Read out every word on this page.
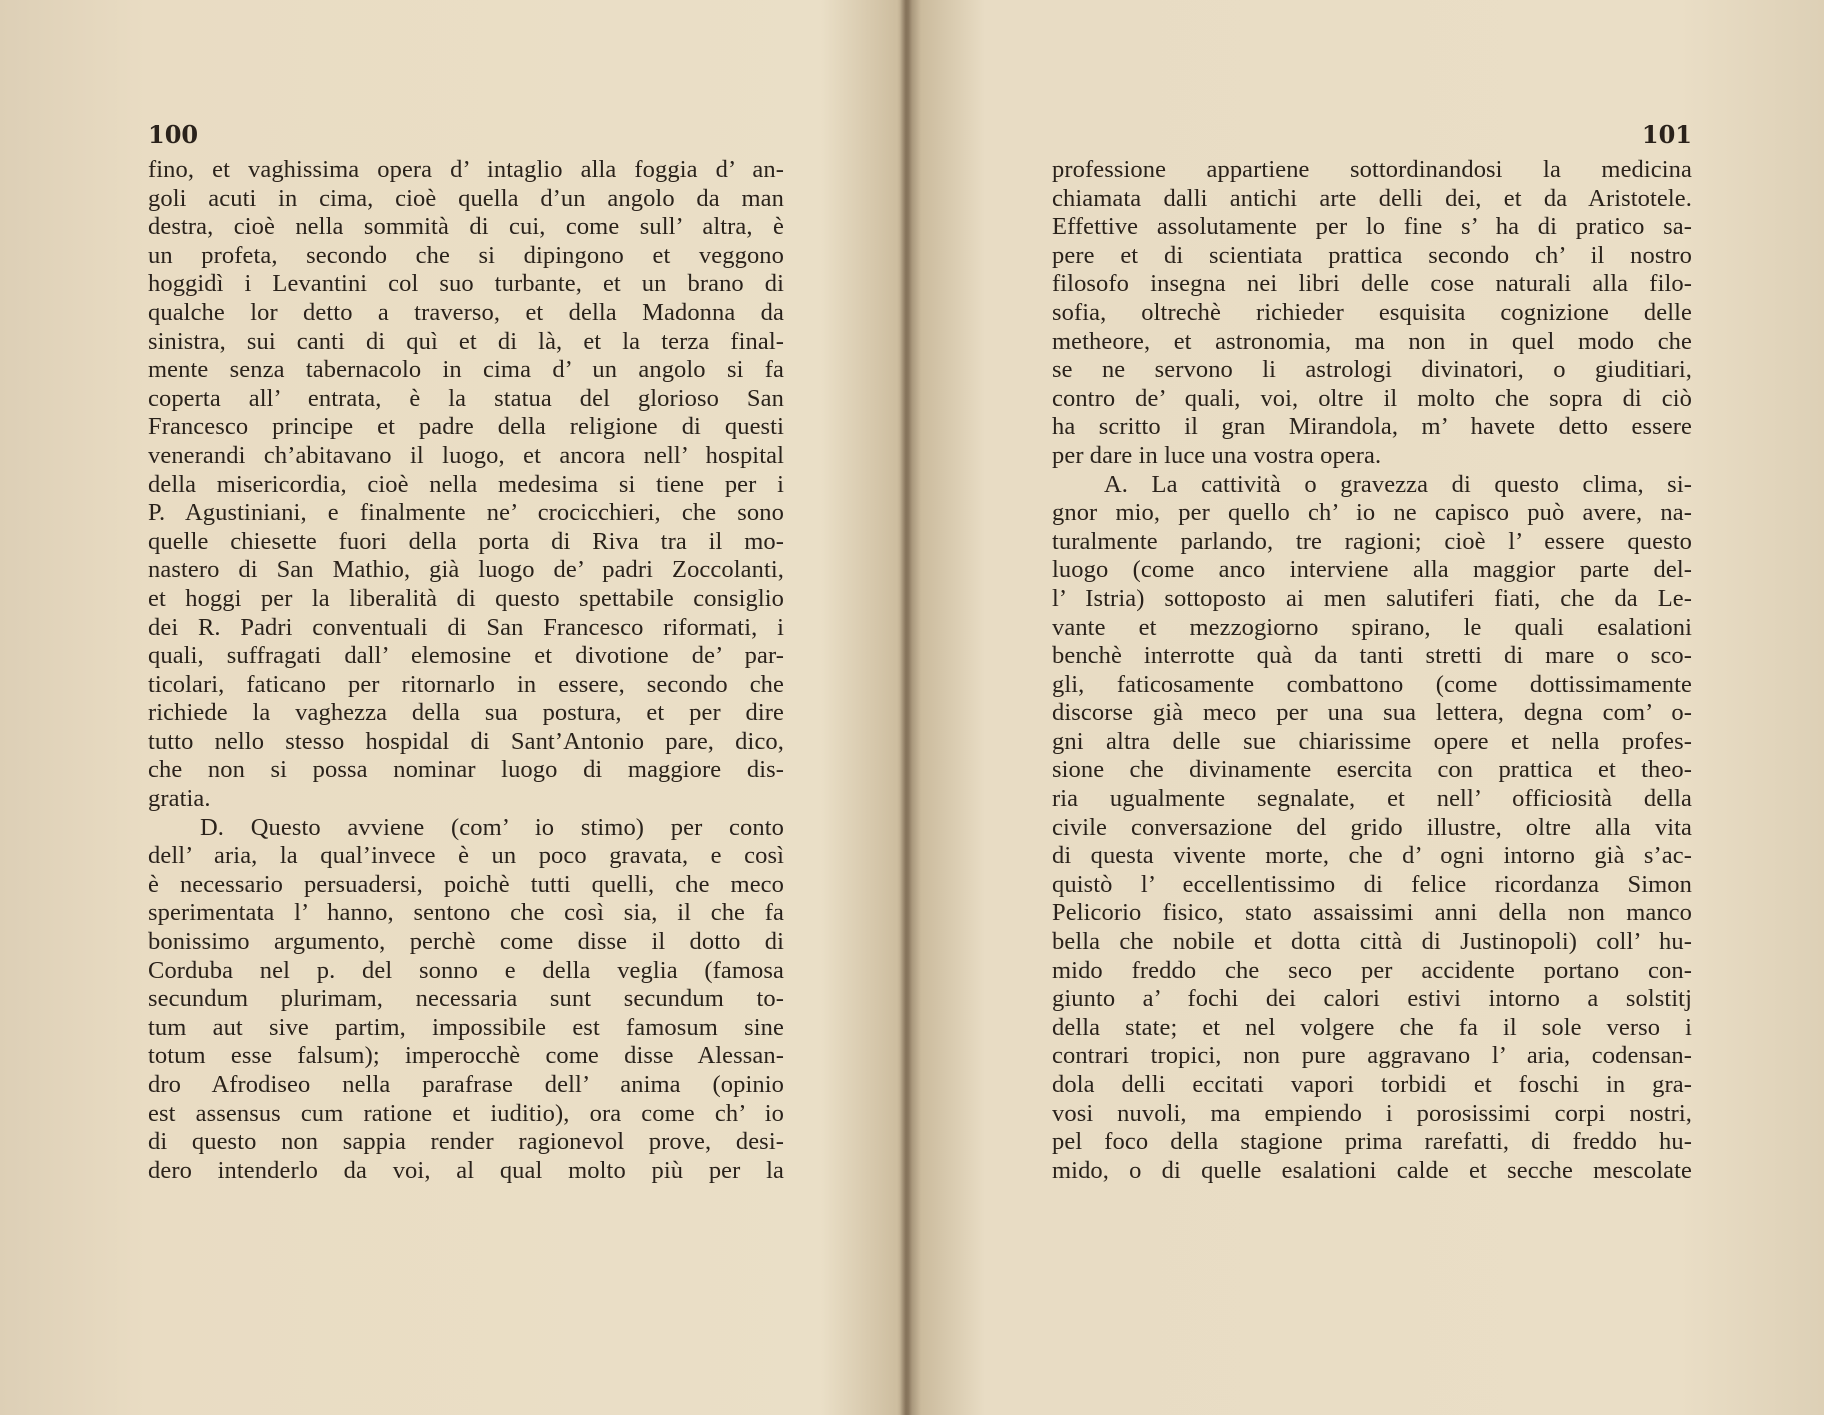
100
fino, et vaghissima opera d’ intaglio alla foggia d’ an-
goli acuti in cima, cioè quella d’un angolo da man
destra, cioè nella sommità di cui, come sull’ altra, è
un profeta, secondo che si dipingono et veggono
hoggidì i Levantini col suo turbante, et un brano di
qualche lor detto a traverso, et della Madonna da
sinistra, sui canti di quì et di là, et la terza final-
mente senza tabernacolo in cima d’ un angolo si fa
coperta all’ entrata, è la statua del glorioso San
Francesco principe et padre della religione di questi
venerandi ch’abitavano il luogo, et ancora nell’ hospital
della misericordia, cioè nella medesima si tiene per i
P. Agustiniani, e finalmente ne’ crocicchieri, che sono
quelle chiesette fuori della porta di Riva tra il mo-
nastero di San Mathio, già luogo de’ padri Zoccolanti,
et hoggi per la liberalità di questo spettabile consiglio
dei R. Padri conventuali di San Francesco riformati, i
quali, suffragati dall’ elemosine et divotione de’ par-
ticolari, faticano per ritornarlo in essere, secondo che
richiede la vaghezza della sua postura, et per dire
tutto nello stesso hospidal di Sant’Antonio pare, dico,
che non si possa nominar luogo di maggiore dis-
gratia.
D. Questo avviene (com’ io stimo) per conto
dell’ aria, la qual’invece è un poco gravata, e così
è necessario persuadersi, poichè tutti quelli, che meco
sperimentata l’ hanno, sentono che così sia, il che fa
bonissimo argumento, perchè come disse il dotto di
Corduba nel p. del sonno e della veglia (famosa
secundum plurimam, necessaria sunt secundum to-
tum aut sive partim, impossibile est famosum sine
totum esse falsum); imperocchè come disse Alessan-
dro Afrodiseo nella parafrase dell’ anima (opinio
est assensus cum ratione et iuditio), ora come ch’ io
di questo non sappia render ragionevol prove, desi-
dero intenderlo da voi, al qual molto più per la
101
professione appartiene sottordinandosi la medicina
chiamata dalli antichi arte delli dei, et da Aristotele.
Effettive assolutamente per lo fine s’ ha di pratico sa-
pere et di scientiata prattica secondo ch’ il nostro
filosofo insegna nei libri delle cose naturali alla filo-
sofia, oltrechè richieder esquisita cognizione delle
metheore, et astronomia, ma non in quel modo che
se ne servono li astrologi divinatori, o giuditiari,
contro de’ quali, voi, oltre il molto che sopra di ciò
ha scritto il gran Mirandola, m’ havete detto essere
per dare in luce una vostra opera.
A. La cattività o gravezza di questo clima, si-
gnor mio, per quello ch’ io ne capisco può avere, na-
turalmente parlando, tre ragioni; cioè l’ essere questo
luogo (come anco interviene alla maggior parte del-
l’ Istria) sottoposto ai men salutiferi fiati, che da Le-
vante et mezzogiorno spirano, le quali esalationi
benchè interrotte quà da tanti stretti di mare o sco-
gli, faticosamente combattono (come dottissimamente
discorse già meco per una sua lettera, degna com’ o-
gni altra delle sue chiarissime opere et nella profes-
sione che divinamente esercita con prattica et theo-
ria ugualmente segnalate, et nell’ officiosità della
civile conversazione del grido illustre, oltre alla vita
di questa vivente morte, che d’ ogni intorno già s’ac-
quistò l’ eccellentissimo di felice ricordanza Simon
Pelicorio fisico, stato assaissimi anni della non manco
bella che nobile et dotta città di Justinopoli) coll’ hu-
mido freddo che seco per accidente portano con-
giunto a’ fochi dei calori estivi intorno a solstitj
della state; et nel volgere che fa il sole verso i
contrari tropici, non pure aggravano l’ aria, codensan-
dola delli eccitati vapori torbidi et foschi in gra-
vosi nuvoli, ma empiendo i porosissimi corpi nostri,
pel foco della stagione prima rarefatti, di freddo hu-
mido, o di quelle esalationi calde et secche mescolate
